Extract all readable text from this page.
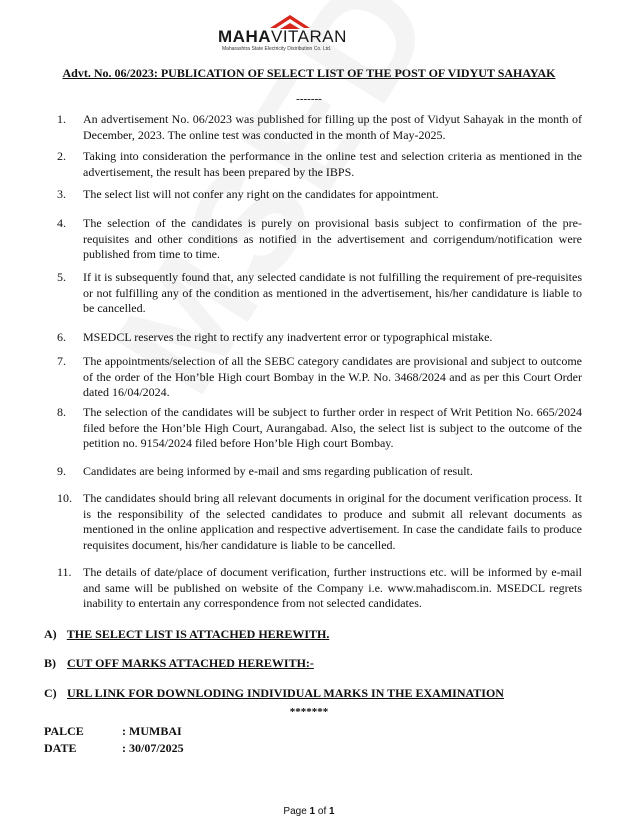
MAHAVITARAN
Maharashtra State Electricity Distribution Co. Ltd.
Advt. No. 06/2023: PUBLICATION OF SELECT LIST OF THE POST OF VIDYUT SAHAYAK
-------
1.	An advertisement No. 06/2023 was published for filling up the post of Vidyut Sahayak in the month of December, 2023. The online test was conducted in the month of May-2025.
2.	Taking into consideration the performance in the online test and selection criteria as mentioned in the advertisement, the result has been prepared by the IBPS.
3.	The select list will not confer any right on the candidates for appointment.
4.	The selection of the candidates is purely on provisional basis subject to confirmation of the pre-requisites and other conditions as notified in the advertisement and corrigendum/notification were published from time to time.
5.	If it is subsequently found that, any selected candidate is not fulfilling the requirement of pre-requisites or not fulfilling any of the condition as mentioned in the advertisement, his/her candidature is liable to be cancelled.
6.	MSEDCL reserves the right to rectify any inadvertent error or typographical mistake.
7.	The appointments/selection of all the SEBC category candidates are provisional and subject to outcome of the order of the Hon’ble High court Bombay in the W.P. No. 3468/2024 and as per this Court Order dated 16/04/2024.
8.	The selection of the candidates will be subject to further order in respect of Writ Petition No. 665/2024 filed before the Hon’ble High Court, Aurangabad. Also, the select list is subject to the outcome of the petition no. 9154/2024 filed before Hon’ble High court Bombay.
9.	Candidates are being informed by e-mail and sms regarding publication of result.
10. The candidates should bring all relevant documents in original for the document verification process. It is the responsibility of the selected candidates to produce and submit all relevant documents as mentioned in the online application and respective advertisement. In case the candidate fails to produce requisites document, his/her candidature is liable to be cancelled.
11. The details of date/place of document verification, further instructions etc. will be informed by e-mail and same will be published on website of the Company i.e. www.mahadiscom.in. MSEDCL regrets inability to entertain any correspondence from not selected candidates.
A) THE SELECT LIST IS ATTACHED HEREWITH.
B) CUT OFF MARKS ATTACHED HEREWITH:-
C) URL LINK FOR DOWNLODING INDIVIDUAL MARKS IN THE EXAMINATION
*******
PALCE	: MUMBAI
DATE	: 30/07/2025
Page 1 of 1
